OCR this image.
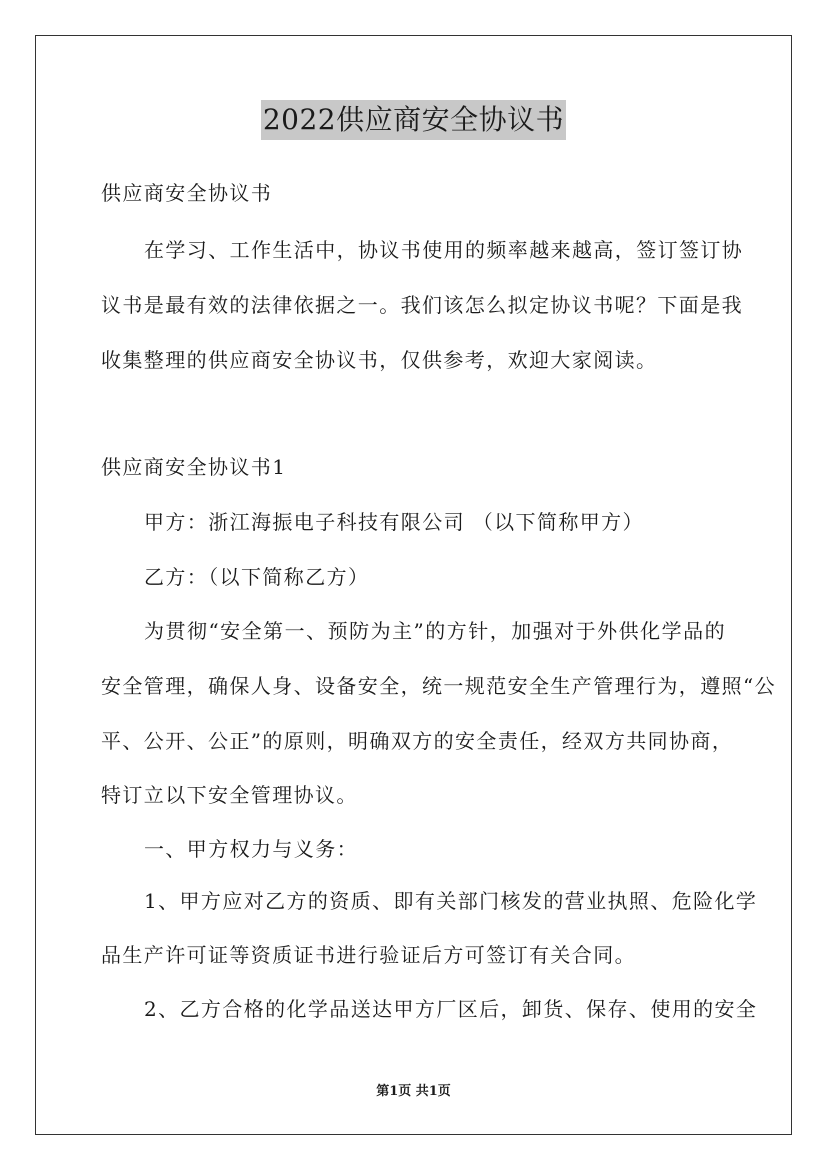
2022供应商安全协议书
供应商安全协议书
在学习、工作生活中，协议书使用的频率越来越高，签订签订协
议书是最有效的法律依据之一。我们该怎么拟定协议书呢？下面是我
收集整理的供应商安全协议书，仅供参考，欢迎大家阅读。
供应商安全协议书1
甲方：浙江海振电子科技有限公司 （以下简称甲方）
乙方：（以下简称乙方）
为贯彻“安全第一、预防为主”的方针，加强对于外供化学品的
安全管理，确保人身、设备安全，统一规范安全生产管理行为，遵照“公
平、公开、公正”的原则，明确双方的安全责任，经双方共同协商，
特订立以下安全管理协议。
一、甲方权力与义务：
1、甲方应对乙方的资质、即有关部门核发的营业执照、危险化学
品生产许可证等资质证书进行验证后方可签订有关合同。
2、乙方合格的化学品送达甲方厂区后，卸货、保存、使用的安全
第1页 共1页
